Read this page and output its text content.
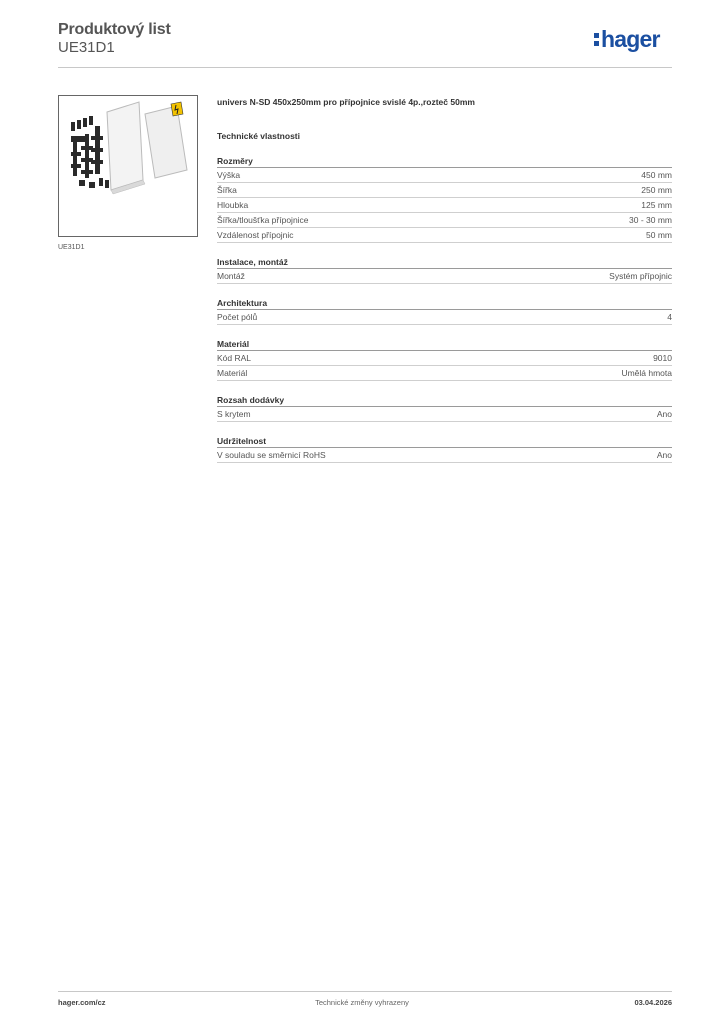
Produktový list
UE31D1	hager
UE31D1
univers N-SD 450x250mm pro přípojnice svislé 4p.,rozteč 50mm
Technické vlastnosti
Rozměry
Výška	450 mm
Šířka	250 mm
Hloubka	125 mm
Šířka/tloušťka přípojnice	30 - 30 mm
Vzdálenost přípojnic	50 mm
Instalace, montáž
Montáž	Systém přípojnic
Architektura
Počet pólů	4
Materiál
Kód RAL	9010
Materiál	Umělá hmota
Rozsah dodávky
S krytem	Ano
Udržitelnost
V souladu se směrnicí RoHS	Ano
Technické změny vyhrazeny
hager.com/cz	03.04.2026
